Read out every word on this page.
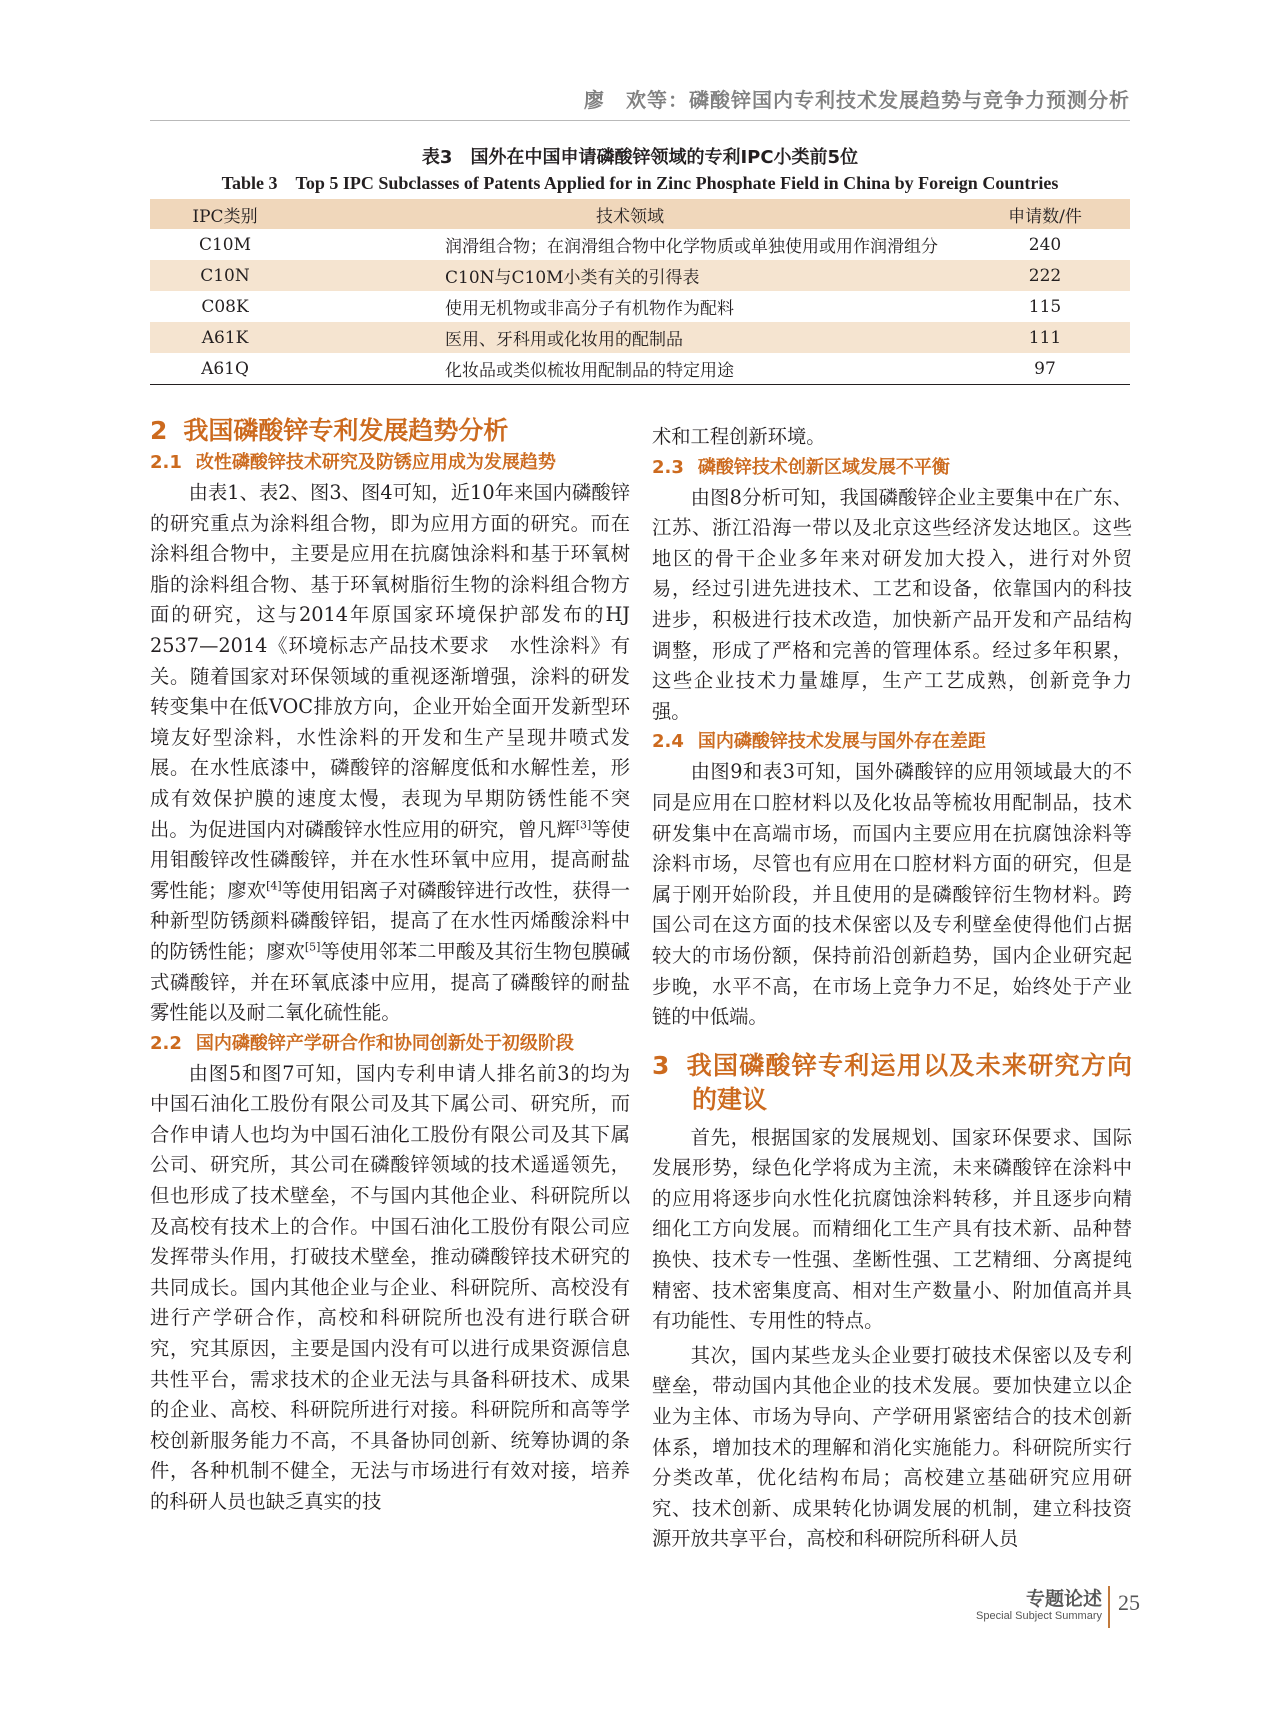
廖　欢等：磷酸锌国内专利技术发展趋势与竞争力预测分析
表3　国外在中国申请磷酸锌领域的专利IPC小类前5位
Table 3　Top 5 IPC Subclasses of Patents Applied for in Zinc Phosphate Field in China by Foreign Countries
IPC类别	技术领域	申请数/件
C10M	润滑组合物；在润滑组合物中化学物质或单独使用或用作润滑组分	240
C10N	C10N与C10M小类有关的引得表	222
C08K	使用无机物或非高分子有机物作为配料	115
A61K	医用、牙科用或化妆用的配制品	111
A61Q	化妆品或类似梳妆用配制品的特定用途	97
2 我国磷酸锌专利发展趋势分析
2.1 改性磷酸锌技术研究及防锈应用成为发展趋势

由表1、表2、图3、图4可知，近10年来国内磷酸锌的研究重点为涂料组合物，即为应用方面的研究。而在涂料组合物中，主要是应用在抗腐蚀涂料和基于环氧树脂的涂料组合物、基于环氧树脂衍生物的涂料组合物方面的研究，这与2014年原国家环境保护部发布的HJ 2537—2014《环境标志产品技术要求　水性涂料》有关。随着国家对环保领域的重视逐渐增强，涂料的研发转变集中在低VOC排放方向，企业开始全面开发新型环境友好型涂料，水性涂料的开发和生产呈现井喷式发展。在水性底漆中，磷酸锌的溶解度低和水解性差，形成有效保护膜的速度太慢，表现为早期防锈性能不突出。为促进国内对磷酸锌水性应用的研究，曾凡辉[3]等使用钼酸锌改性磷酸锌，并在水性环氧中应用，提高耐盐雾性能；廖欢[4]等使用铝离子对磷酸锌进行改性，获得一种新型防锈颜料磷酸锌铝，提高了在水性丙烯酸涂料中的防锈性能；廖欢[5]等使用邻苯二甲酸及其衍生物包膜碱式磷酸锌，并在环氧底漆中应用，提高了磷酸锌的耐盐雾性能以及耐二氧化硫性能。

2.2 国内磷酸锌产学研合作和协同创新处于初级阶段

由图5和图7可知，国内专利申请人排名前3的均为中国石油化工股份有限公司及其下属公司、研究所，而合作申请人也均为中国石油化工股份有限公司及其下属公司、研究所，其公司在磷酸锌领域的技术遥遥领先，但也形成了技术壁垒，不与国内其他企业、科研院所以及高校有技术上的合作。中国石油化工股份有限公司应发挥带头作用，打破技术壁垒，推动磷酸锌技术研究的共同成长。国内其他企业与企业、科研院所、高校没有进行产学研合作，高校和科研院所也没有进行联合研究，究其原因，主要是国内没有可以进行成果资源信息共性平台，需求技术的企业无法与具备科研技术、成果的企业、高校、科研院所进行对接。科研院所和高等学校创新服务能力不高，不具备协同创新、统筹协调的条件，各种机制不健全，无法与市场进行有效对接，培养的科研人员也缺乏真实的技

术和工程创新环境。

2.3 磷酸锌技术创新区域发展不平衡

由图8分析可知，我国磷酸锌企业主要集中在广东、江苏、浙江沿海一带以及北京这些经济发达地区。这些地区的骨干企业多年来对研发加大投入，进行对外贸易，经过引进先进技术、工艺和设备，依靠国内的科技进步，积极进行技术改造，加快新产品开发和产品结构调整，形成了严格和完善的管理体系。经过多年积累，这些企业技术力量雄厚，生产工艺成熟，创新竞争力强。

2.4 国内磷酸锌技术发展与国外存在差距

由图9和表3可知，国外磷酸锌的应用领域最大的不同是应用在口腔材料以及化妆品等梳妆用配制品，技术研发集中在高端市场，而国内主要应用在抗腐蚀涂料等涂料市场，尽管也有应用在口腔材料方面的研究，但是属于刚开始阶段，并且使用的是磷酸锌衍生物材料。跨国公司在这方面的技术保密以及专利壁垒使得他们占据较大的市场份额，保持前沿创新趋势，国内企业研究起步晚，水平不高，在市场上竞争力不足，始终处于产业链的中低端。

3 我国磷酸锌专利运用以及未来研究方向的建议

首先，根据国家的发展规划、国家环保要求、国际发展形势，绿色化学将成为主流，未来磷酸锌在涂料中的应用将逐步向水性化抗腐蚀涂料转移，并且逐步向精细化工方向发展。而精细化工生产具有技术新、品种替换快、技术专一性强、垄断性强、工艺精细、分离提纯精密、技术密集度高、相对生产数量小、附加值高并具有功能性、专用性的特点。

其次，国内某些龙头企业要打破技术保密以及专利壁垒，带动国内其他企业的技术发展。要加快建立以企业为主体、市场为导向、产学研用紧密结合的技术创新体系，增加技术的理解和消化实施能力。科研院所实行分类改革，优化结构布局；高校建立基础研究应用研究、技术创新、成果转化协调发展的机制，建立科技资源开放共享平台，高校和科研院所科研人员

专题论述
Special Subject Summary
25
